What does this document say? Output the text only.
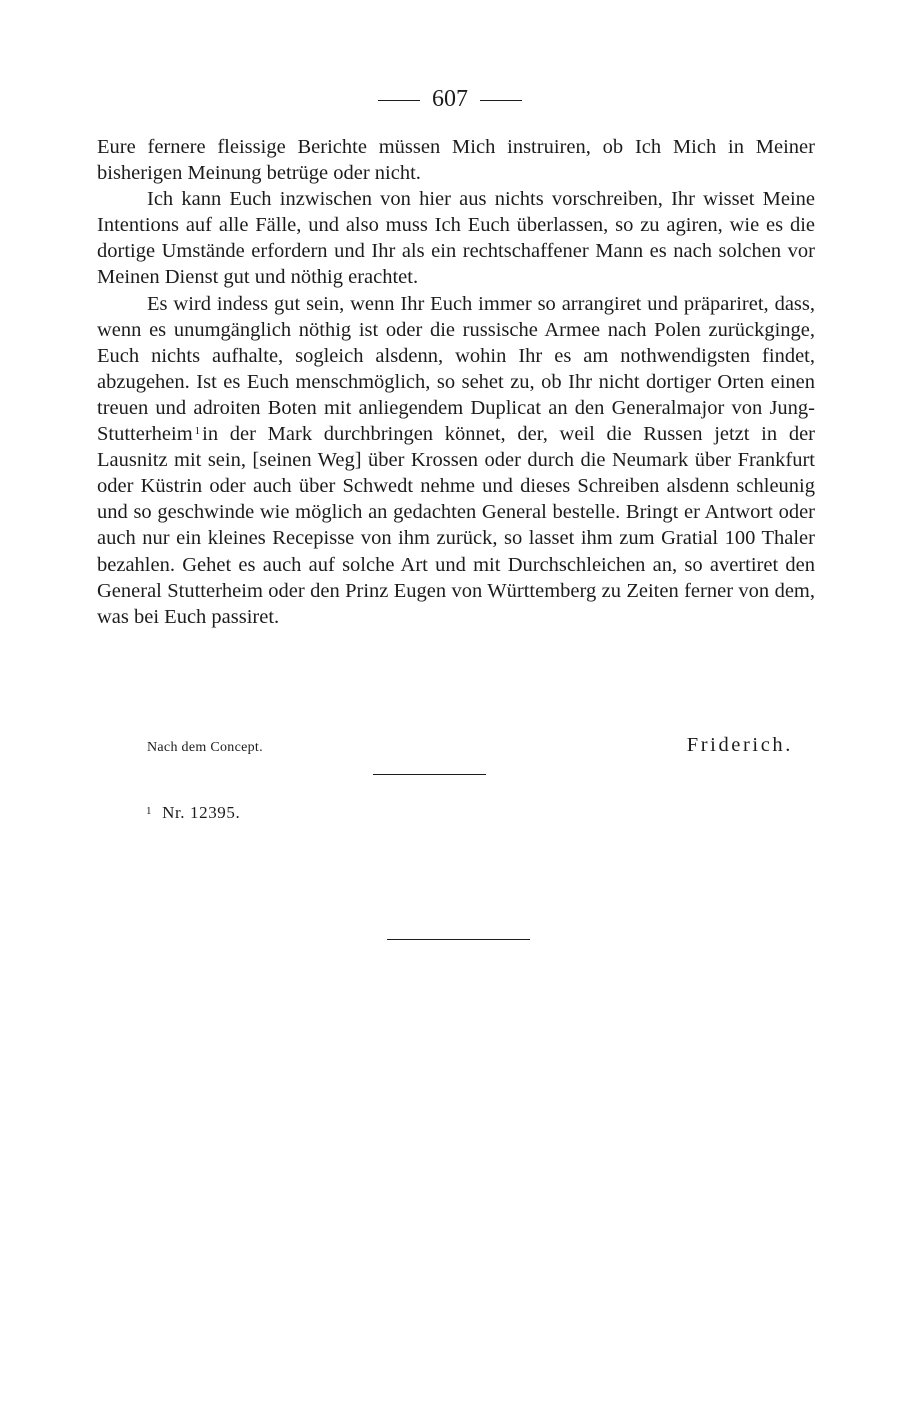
607

Eure fernere fleissige Berichte müssen Mich instruiren, ob Ich Mich in Meiner bisherigen Meinung betrüge oder nicht.

Ich kann Euch inzwischen von hier aus nichts vorschreiben, Ihr wisset Meine Intentions auf alle Fälle, und also muss Ich Euch überlassen, so zu agiren, wie es die dortige Umstände erfordern und Ihr als ein rechtschaffener Mann es nach solchen vor Meinen Dienst gut und nöthig erachtet.

Es wird indess gut sein, wenn Ihr Euch immer so arrangiret und präpariret, dass, wenn es unumgänglich nöthig ist oder die russische Armee nach Polen zurückginge, Euch nichts aufhalte, sogleich alsdenn, wohin Ihr es am nothwendigsten findet, abzugehen. Ist es Euch menschmöglich, so sehet zu, ob Ihr nicht dortiger Orten einen treuen und adroiten Boten mit anliegendem Duplicat an den Generalmajor von Jung-Stutterheim $^1$in der Mark durchbringen könnet, der, weil die Russen jetzt in der Lausnitz mit sein, [seinen Weg] über Krossen oder durch die Neumark über Frankfurt oder Küstrin oder auch über Schwedt nehme und dieses Schreiben alsdenn schleunig und so geschwinde wie möglich an gedachten General bestelle. Bringt er Antwort oder auch nur ein kleines Recepisse von ihm zurück, so lasset ihm zum Gratial 100 Thaler bezahlen. Gehet es auch auf solche Art und mit Durchschleichen an, so avertiret den General Stutterheim oder den Prinz Eugen von Württemberg zu Zeiten ferner von dem, was bei Euch passiret.

Nach dem Concept.	Friderich.
$^1$ Nr. 12395.
